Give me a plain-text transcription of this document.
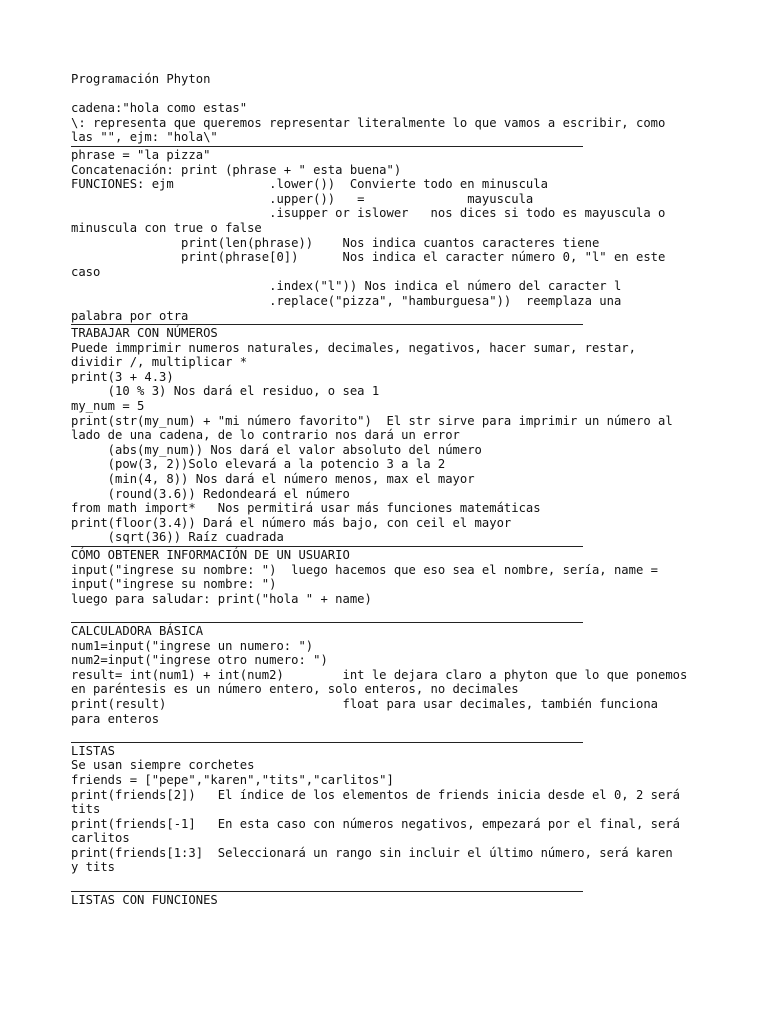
Programación Phyton
cadena:"hola como estas"
\: representa que queremos representar literalmente lo que vamos a escribir, como
las "", ejm: "hola\"
phrase = "la pizza"
Concatenación: print (phrase + " esta buena")
FUNCIONES: ejm             .lower())  Convierte todo en minuscula
.upper())   =              mayuscula
.isupper or islower   nos dices si todo es mayuscula o
minuscula con true o false
print(len(phrase))    Nos indica cuantos caracteres tiene
print(phrase[0])      Nos indica el caracter número 0, "l" en este
caso
.index("l")) Nos indica el número del caracter l
.replace("pizza", "hamburguesa"))  reemplaza una
palabra por otra
TRABAJAR CON NÚMEROS
Puede immprimir numeros naturales, decimales, negativos, hacer sumar, restar,
dividir /, multiplicar *
print(3 + 4.3)
(10 % 3) Nos dará el residuo, o sea 1
my_num = 5
print(str(my_num) + "mi número favorito")  El str sirve para imprimir un número al
lado de una cadena, de lo contrario nos dará un error
(abs(my_num)) Nos dará el valor absoluto del número
(pow(3, 2))Solo elevará a la potencio 3 a la 2
(min(4, 8)) Nos dará el número menos, max el mayor
(round(3.6)) Redondeará el número
from math import*   Nos permitirá usar más funciones matemáticas
print(floor(3.4)) Dará el número más bajo, con ceil el mayor
(sqrt(36)) Raíz cuadrada
CÓMO OBTENER INFORMACIÓN DE UN USUARIO
input("ingrese su nombre: ")  luego hacemos que eso sea el nombre, sería, name =
input("ingrese su nombre: ")
luego para saludar: print("hola " + name)
CALCULADORA BÁSICA
num1=input("ingrese un numero: ")
num2=input("ingrese otro numero: ")
result= int(num1) + int(num2)        int le dejara claro a phyton que lo que ponemos
en paréntesis es un número entero, solo enteros, no decimales
print(result)                        float para usar decimales, también funciona
para enteros
LISTAS
Se usan siempre corchetes
friends = ["pepe","karen","tits","carlitos"]
print(friends[2])   El índice de los elementos de friends inicia desde el 0, 2 será
tits
print(friends[-1]   En esta caso con números negativos, empezará por el final, será
carlitos
print(friends[1:3]  Seleccionará un rango sin incluir el último número, será karen
y tits
LISTAS CON FUNCIONES
